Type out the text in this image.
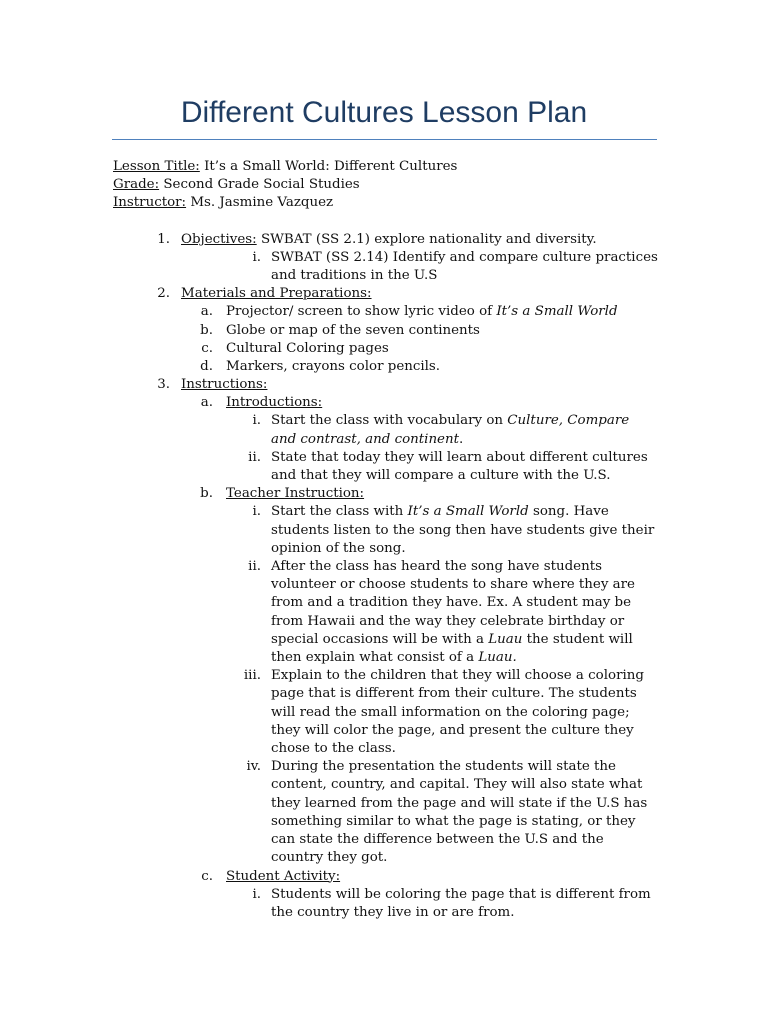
Different Cultures Lesson Plan
Lesson Title: It’s a Small World: Different Cultures
Grade: Second Grade Social Studies
Instructor: Ms. Jasmine Vazquez
1. Objectives: SWBAT (SS 2.1) explore nationality and diversity.
i. SWBAT (SS 2.14) Identify and compare culture practices
and traditions in the U.S
2. Materials and Preparations:
a. Projector/ screen to show lyric video of It’s a Small World
b. Globe or map of the seven continents
c. Cultural Coloring pages
d. Markers, crayons color pencils.
3. Instructions:
a. Introductions:
i. Start the class with vocabulary on Culture, Compare and contrast, and continent.
ii. State that today they will learn about different cultures and that they will compare a culture with the U.S.
b. Teacher Instruction:
i. Start the class with It’s a Small World song. Have students listen to the song then have students give their opinion of the song.
ii. After the class has heard the song have students volunteer or choose students to share where they are from and a tradition they have. Ex. A student may be from Hawaii and the way they celebrate birthday or special occasions will be with a Luau the student will then explain what consist of a Luau.
iii. Explain to the children that they will choose a coloring page that is different from their culture. The students will read the small information on the coloring page; they will color the page, and present the culture they chose to the class.
iv. During the presentation the students will state the content, country, and capital. They will also state what they learned from the page and will state if the U.S has something similar to what the page is stating, or they can state the difference between the U.S and the country they got.
c. Student Activity:
i. Students will be coloring the page that is different from the country they live in or are from.
